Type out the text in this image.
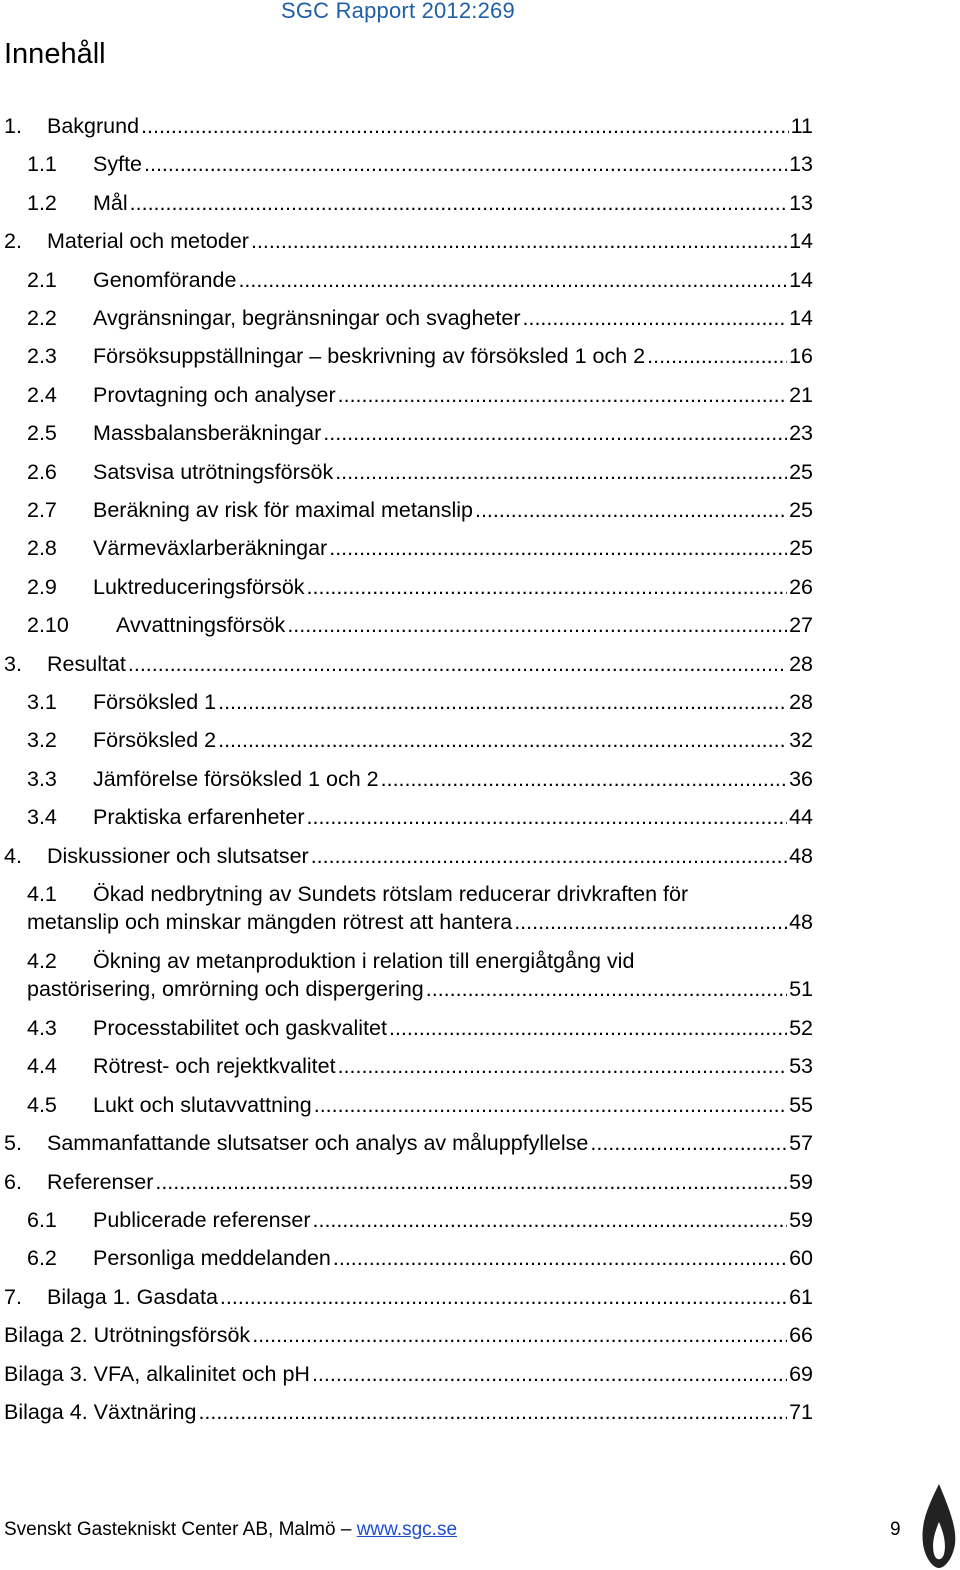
SGC Rapport 2012:269
Innehåll
1. Bakgrund .....	11
1.1 Syfte .....	13
1.2 Mål .....	13
2. Material och metoder .....	14
2.1 Genomförande .....	14
2.2 Avgränsningar, begränsningar och svagheter .....	14
2.3 Försöksuppställningar – beskrivning av försöksled 1 och 2 .....	16
2.4 Provtagning och analyser .....	21
2.5 Massbalansberäkningar .....	23
2.6 Satsvisa utrötningsförsök .....	25
2.7 Beräkning av risk för maximal metanslip .....	25
2.8 Värmeväxlarberäkningar .....	25
2.9 Luktreduceringsförsök .....	26
2.10 Avvattningsförsök .....	27
3. Resultat .....	28
3.1 Försöksled 1 .....	28
3.2 Försöksled 2 .....	32
3.3 Jämförelse försöksled 1 och 2 .....	36
3.4 Praktiska erfarenheter .....	44
4. Diskussioner och slutsatser .....	48
4.1 Ökad nedbrytning av Sundets rötslam reducerar drivkraften för
metanslip och minskar mängden rötrest att hantera .....	48
4.2 Ökning av metanproduktion i relation till energiåtgång vid
pastörisering, omrörning och dispergering .....	51
4.3 Processtabilitet och gaskvalitet .....	52
4.4 Rötrest- och rejektkvalitet .....	53
4.5 Lukt och slutavvattning .....	55
5. Sammanfattande slutsatser och analys av måluppfyllelse .....	57
6. Referenser .....	59
6.1 Publicerade referenser .....	59
6.2 Personliga meddelanden .....	60
7. Bilaga 1. Gasdata .....	61
Bilaga 2. Utrötningsförsök .....	66
Bilaga 3. VFA, alkalinitet och pH .....	69
Bilaga 4. Växtnäring .....	71
Svenskt Gastekniskt Center AB, Malmö – www.sgc.se	9
